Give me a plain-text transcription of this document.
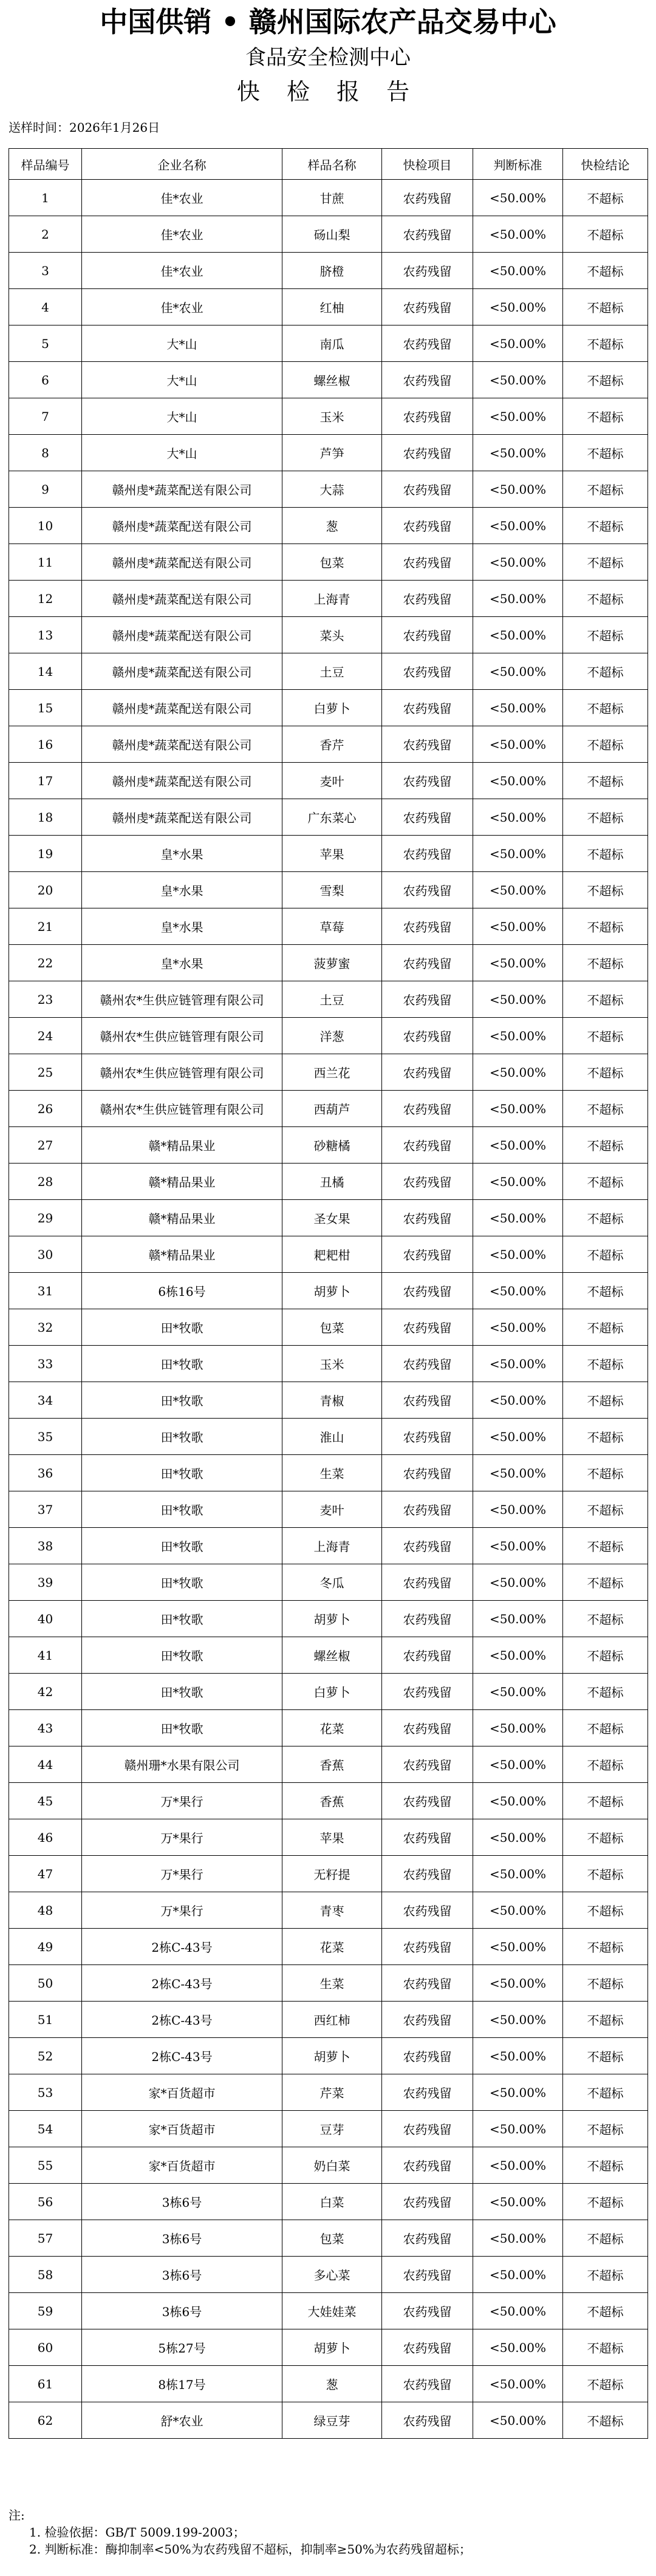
中国供销 • 赣州国际农产品交易中心
食品安全检测中心
快 检 报 告
送样时间：2026年1月26日
样品编号	企业名称	样品名称	快检项目	判断标准	快检结论
1	佳*农业	甘蔗	农药残留	<50.00%	不超标
2	佳*农业	砀山梨	农药残留	<50.00%	不超标
3	佳*农业	脐橙	农药残留	<50.00%	不超标
4	佳*农业	红柚	农药残留	<50.00%	不超标
5	大*山	南瓜	农药残留	<50.00%	不超标
6	大*山	螺丝椒	农药残留	<50.00%	不超标
7	大*山	玉米	农药残留	<50.00%	不超标
8	大*山	芦笋	农药残留	<50.00%	不超标
9	赣州虔*蔬菜配送有限公司	大蒜	农药残留	<50.00%	不超标
10	赣州虔*蔬菜配送有限公司	葱	农药残留	<50.00%	不超标
11	赣州虔*蔬菜配送有限公司	包菜	农药残留	<50.00%	不超标
12	赣州虔*蔬菜配送有限公司	上海青	农药残留	<50.00%	不超标
13	赣州虔*蔬菜配送有限公司	菜头	农药残留	<50.00%	不超标
14	赣州虔*蔬菜配送有限公司	土豆	农药残留	<50.00%	不超标
15	赣州虔*蔬菜配送有限公司	白萝卜	农药残留	<50.00%	不超标
16	赣州虔*蔬菜配送有限公司	香芹	农药残留	<50.00%	不超标
17	赣州虔*蔬菜配送有限公司	麦叶	农药残留	<50.00%	不超标
18	赣州虔*蔬菜配送有限公司	广东菜心	农药残留	<50.00%	不超标
19	皇*水果	苹果	农药残留	<50.00%	不超标
20	皇*水果	雪梨	农药残留	<50.00%	不超标
21	皇*水果	草莓	农药残留	<50.00%	不超标
22	皇*水果	菠萝蜜	农药残留	<50.00%	不超标
23	赣州农*生供应链管理有限公司	土豆	农药残留	<50.00%	不超标
24	赣州农*生供应链管理有限公司	洋葱	农药残留	<50.00%	不超标
25	赣州农*生供应链管理有限公司	西兰花	农药残留	<50.00%	不超标
26	赣州农*生供应链管理有限公司	西葫芦	农药残留	<50.00%	不超标
27	赣*精品果业	砂糖橘	农药残留	<50.00%	不超标
28	赣*精品果业	丑橘	农药残留	<50.00%	不超标
29	赣*精品果业	圣女果	农药残留	<50.00%	不超标
30	赣*精品果业	耙耙柑	农药残留	<50.00%	不超标
31	6栋16号	胡萝卜	农药残留	<50.00%	不超标
32	田*牧歌	包菜	农药残留	<50.00%	不超标
33	田*牧歌	玉米	农药残留	<50.00%	不超标
34	田*牧歌	青椒	农药残留	<50.00%	不超标
35	田*牧歌	淮山	农药残留	<50.00%	不超标
36	田*牧歌	生菜	农药残留	<50.00%	不超标
37	田*牧歌	麦叶	农药残留	<50.00%	不超标
38	田*牧歌	上海青	农药残留	<50.00%	不超标
39	田*牧歌	冬瓜	农药残留	<50.00%	不超标
40	田*牧歌	胡萝卜	农药残留	<50.00%	不超标
41	田*牧歌	螺丝椒	农药残留	<50.00%	不超标
42	田*牧歌	白萝卜	农药残留	<50.00%	不超标
43	田*牧歌	花菜	农药残留	<50.00%	不超标
44	赣州珊*水果有限公司	香蕉	农药残留	<50.00%	不超标
45	万*果行	香蕉	农药残留	<50.00%	不超标
46	万*果行	苹果	农药残留	<50.00%	不超标
47	万*果行	无籽提	农药残留	<50.00%	不超标
48	万*果行	青枣	农药残留	<50.00%	不超标
49	2栋C-43号	花菜	农药残留	<50.00%	不超标
50	2栋C-43号	生菜	农药残留	<50.00%	不超标
51	2栋C-43号	西红柿	农药残留	<50.00%	不超标
52	2栋C-43号	胡萝卜	农药残留	<50.00%	不超标
53	家*百货超市	芹菜	农药残留	<50.00%	不超标
54	家*百货超市	豆芽	农药残留	<50.00%	不超标
55	家*百货超市	奶白菜	农药残留	<50.00%	不超标
56	3栋6号	白菜	农药残留	<50.00%	不超标
57	3栋6号	包菜	农药残留	<50.00%	不超标
58	3栋6号	多心菜	农药残留	<50.00%	不超标
59	3栋6号	大娃娃菜	农药残留	<50.00%	不超标
60	5栋27号	胡萝卜	农药残留	<50.00%	不超标
61	8栋17号	葱	农药残留	<50.00%	不超标
62	舒*农业	绿豆芽	农药残留	<50.00%	不超标
注:
1. 检验依据：GB/T 5009.199-2003；
2. 判断标准：酶抑制率<50%为农药残留不超标，抑制率≥50%为农药残留超标；
